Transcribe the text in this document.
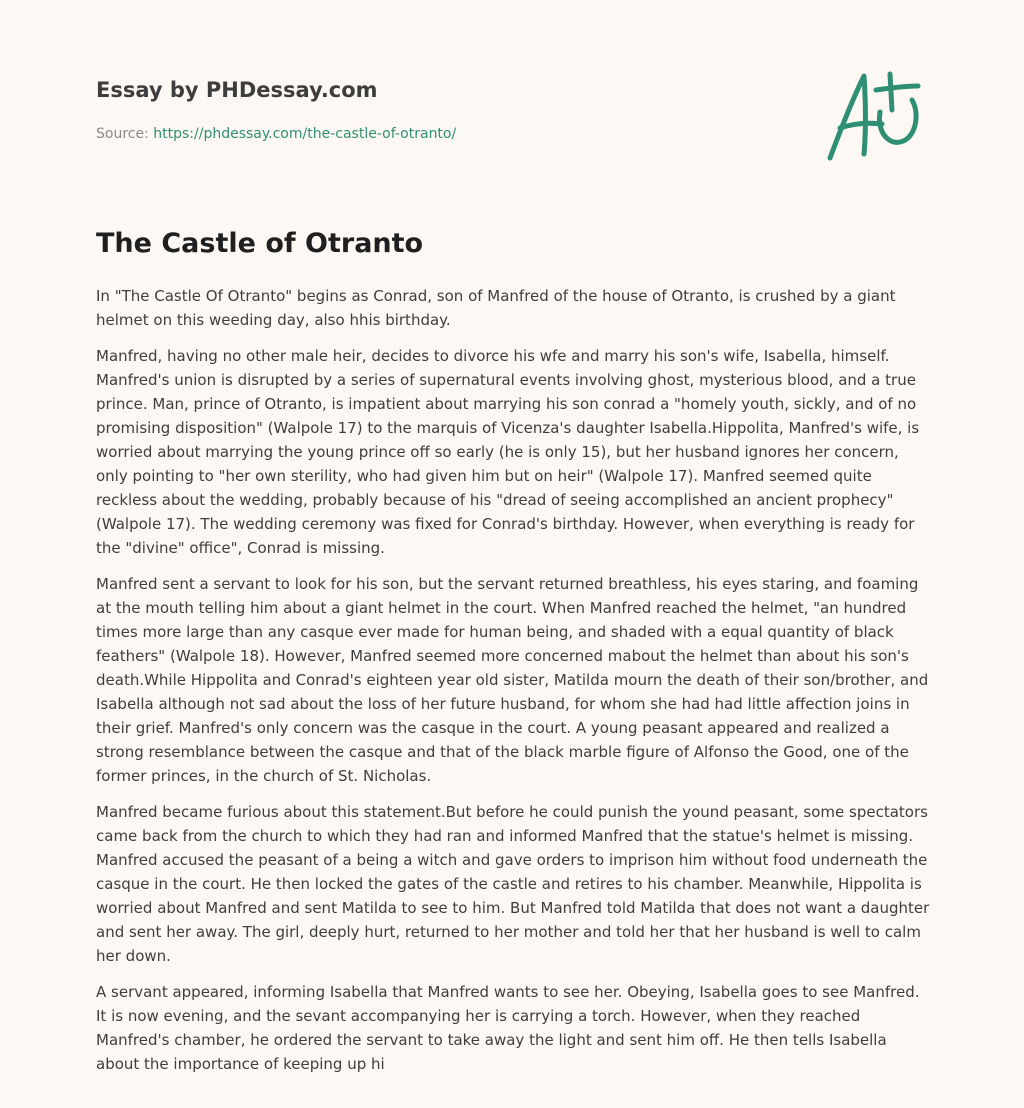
Essay by PHDessay.com
Source: https://phdessay.com/the-castle-of-otranto/
The Castle of Otranto

In "The Castle Of Otranto" begins as Conrad, son of Manfred of the house of Otranto, is crushed by a giant helmet on this weeding day, also hhis birthday.

Manfred, having no other male heir, decides to divorce his wfe and marry his son's wife, Isabella, himself. Manfred's union is disrupted by a series of supernatural events involving ghost, mysterious blood, and a true prince. Man, prince of Otranto, is impatient about marrying his son conrad a "homely youth, sickly, and of no promising disposition" (Walpole 17) to the marquis of Vicenza's daughter Isabella.Hippolita, Manfred's wife, is worried about marrying the young prince off so early (he is only 15), but her husband ignores her concern, only pointing to "her own sterility, who had given him but on heir" (Walpole 17). Manfred seemed quite reckless about the wedding, probably because of his "dread of seeing accomplished an ancient prophecy" (Walpole 17). The wedding ceremony was fixed for Conrad's birthday. However, when everything is ready for the "divine" office", Conrad is missing.

Manfred sent a servant to look for his son, but the servant returned breathless, his eyes staring, and foaming at the mouth telling him about a giant helmet in the court. When Manfred reached the helmet, "an hundred times more large than any casque ever made for human being, and shaded with a equal quantity of black feathers" (Walpole 18). However, Manfred seemed more concerned mabout the helmet than about his son's death.While Hippolita and Conrad's eighteen year old sister, Matilda mourn the death of their son/brother, and Isabella although not sad about the loss of her future husband, for whom she had had little affection joins in their grief. Manfred's only concern was the casque in the court. A young peasant appeared and realized a strong resemblance between the casque and that of the black marble figure of Alfonso the Good, one of the former princes, in the church of St. Nicholas.

Manfred became furious about this statement.But before he could punish the yound peasant, some spectators came back from the church to which they had ran and informed Manfred that the statue's helmet is missing. Manfred accused the peasant of a being a witch and gave orders to imprison him without food underneath the casque in the court. He then locked the gates of the castle and retires to his chamber. Meanwhile, Hippolita is worried about Manfred and sent Matilda to see to him. But Manfred told Matilda that does not want a daughter and sent her away. The girl, deeply hurt, returned to her mother and told her that her husband is well to calm her down.

A servant appeared, informing Isabella that Manfred wants to see her. Obeying, Isabella goes to see Manfred. It is now evening, and the sevant accompanying her is carrying a torch. However, when they reached Manfred's chamber, he ordered the servant to take away the light and sent him off. He then tells Isabella about the importance of keeping up hi
